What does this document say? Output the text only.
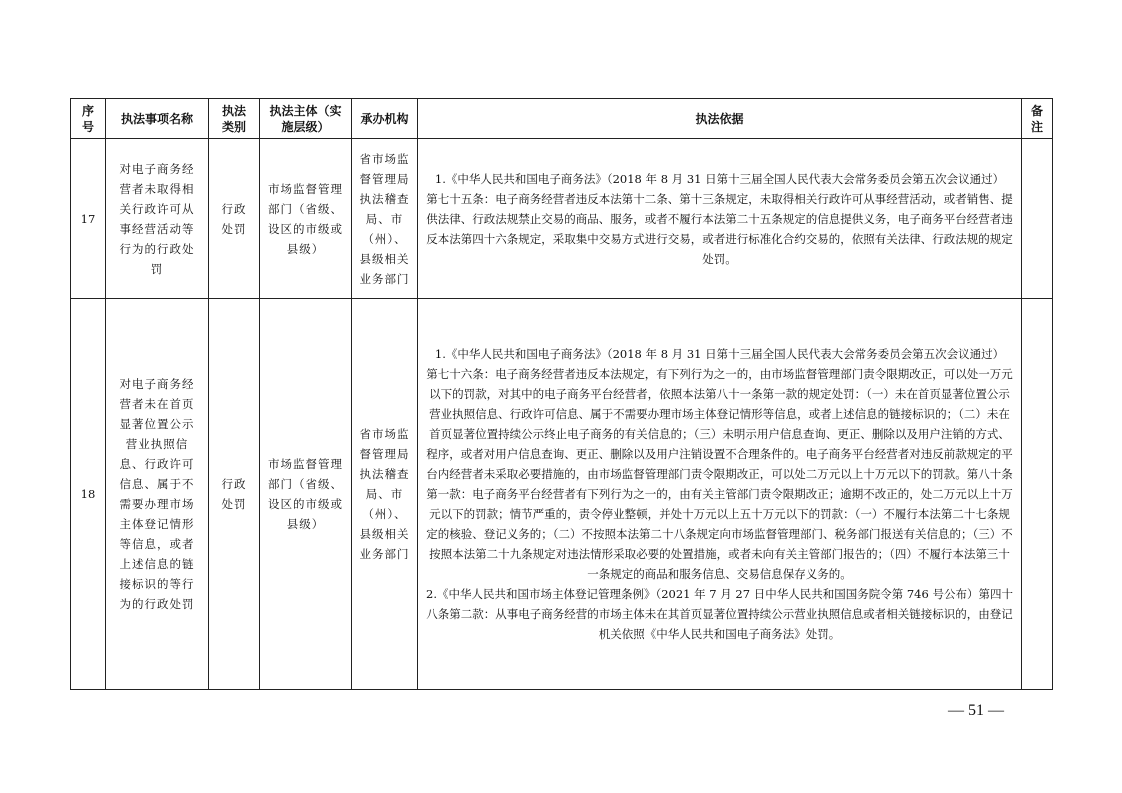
序号	执法事项名称	执法类别	执法主体（实施层级）	承办机构	执法依据	备注
17	对电子商务经营者未取得相关行政许可从事经营活动等行为的行政处罚	行政处罚	市场监督管理部门（省级、设区的市级或县级）	省市场监督管理局执法稽查局、市（州）、县级相关业务部门	1.《中华人民共和国电子商务法》（2018 年 8 月 31 日第十三届全国人民代表大会常务委员会第五次会议通过）
第七十五条：电子商务经营者违反本法第十二条、第十三条规定，未取得相关行政许可从事经营活动，或者销售、提供法律、行政法规禁止交易的商品、服务，或者不履行本法第二十五条规定的信息提供义务，电子商务平台经营者违反本法第四十六条规定，采取集中交易方式进行交易，或者进行标准化合约交易的，依照有关法律、行政法规的规定处罚。	

18	对电子商务经营者未在首页显著位置公示营业执照信息、行政许可信息、属于不需要办理市场主体登记情形等信息，或者上述信息的链接标识的等行为的行政处罚	行政处罚	市场监督管理部门（省级、设区的市级或县级）	省市场监督管理局执法稽查局、市（州）、县级相关业务部门	1.《中华人民共和国电子商务法》（2018 年 8 月 31 日第十三届全国人民代表大会常务委员会第五次会议通过）
第七十六条：电子商务经营者违反本法规定，有下列行为之一的，由市场监督管理部门责令限期改正，可以处一万元以下的罚款，对其中的电子商务平台经营者，依照本法第八十一条第一款的规定处罚：（一）未在首页显著位置公示营业执照信息、行政许可信息、属于不需要办理市场主体登记情形等信息，或者上述信息的链接标识的；（二）未在首页显著位置持续公示终止电子商务的有关信息的；（三）未明示用户信息查询、更正、删除以及用户注销的方式、程序，或者对用户信息查询、更正、删除以及用户注销设置不合理条件的。电子商务平台经营者对违反前款规定的平台内经营者未采取必要措施的，由市场监督管理部门责令限期改正，可以处二万元以上十万元以下的罚款。第八十条第一款：电子商务平台经营者有下列行为之一的，由有关主管部门责令限期改正；逾期不改正的，处二万元以上十万元以下的罚款；情节严重的，责令停业整顿，并处十万元以上五十万元以下的罚款：（一）不履行本法第二十七条规定的核验、登记义务的；（二）不按照本法第二十八条规定向市场监督管理部门、税务部门报送有关信息的；（三）不按照本法第二十九条规定对违法情形采取必要的处置措施，或者未向有关主管部门报告的；（四）不履行本法第三十一条规定的商品和服务信息、交易信息保存义务的。
2.《中华人民共和国市场主体登记管理条例》（2021 年 7 月 27 日中华人民共和国国务院令第 746 号公布）第四十八条第二款：从事电子商务经营的市场主体未在其首页显著位置持续公示营业执照信息或者相关链接标识的，由登记机关依照《中华人民共和国电子商务法》处罚。	

— 51 —
